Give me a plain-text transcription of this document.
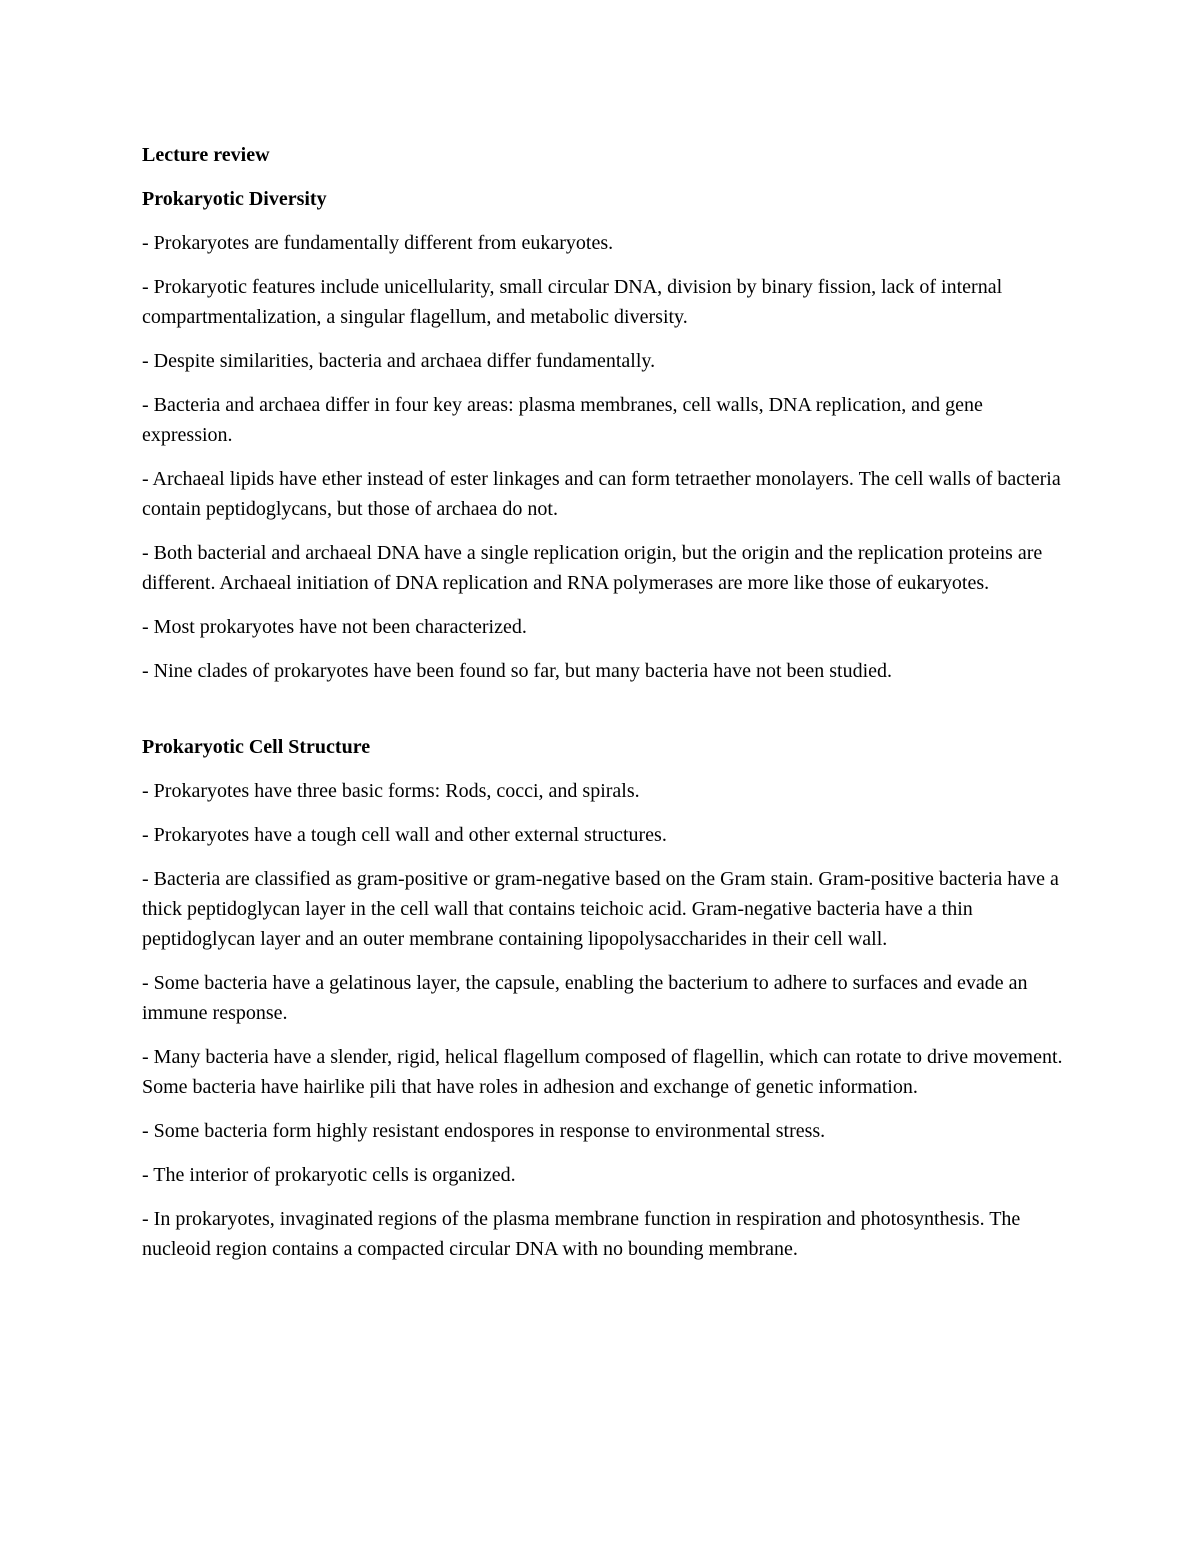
Lecture review
Prokaryotic Diversity
- Prokaryotes are fundamentally different from eukaryotes.
- Prokaryotic features include unicellularity, small circular DNA, division by binary fission, lack of internal compartmentalization, a singular flagellum, and metabolic diversity.
- Despite similarities, bacteria and archaea differ fundamentally.
- Bacteria and archaea differ in four key areas: plasma membranes, cell walls, DNA replication, and gene expression.
- Archaeal lipids have ether instead of ester linkages and can form tetraether monolayers. The cell walls of bacteria contain peptidoglycans, but those of archaea do not.
- Both bacterial and archaeal DNA have a single replication origin, but the origin and the replication proteins are different. Archaeal initiation of DNA replication and RNA polymerases are more like those of eukaryotes.
- Most prokaryotes have not been characterized.
- Nine clades of prokaryotes have been found so far, but many bacteria have not been studied.
Prokaryotic Cell Structure
- Prokaryotes have three basic forms: Rods, cocci, and spirals.
- Prokaryotes have a tough cell wall and other external structures.
- Bacteria are classified as gram-positive or gram-negative based on the Gram stain. Gram-positive bacteria have a thick peptidoglycan layer in the cell wall that contains teichoic acid. Gram-negative bacteria have a thin peptidoglycan layer and an outer membrane containing lipopolysaccharides in their cell wall.
- Some bacteria have a gelatinous layer, the capsule, enabling the bacterium to adhere to surfaces and evade an immune response.
- Many bacteria have a slender, rigid, helical flagellum composed of flagellin, which can rotate to drive movement. Some bacteria have hairlike pili that have roles in adhesion and exchange of genetic information.
- Some bacteria form highly resistant endospores in response to environmental stress.
- The interior of prokaryotic cells is organized.
- In prokaryotes, invaginated regions of the plasma membrane function in respiration and photosynthesis. The nucleoid region contains a compacted circular DNA with no bounding membrane.
